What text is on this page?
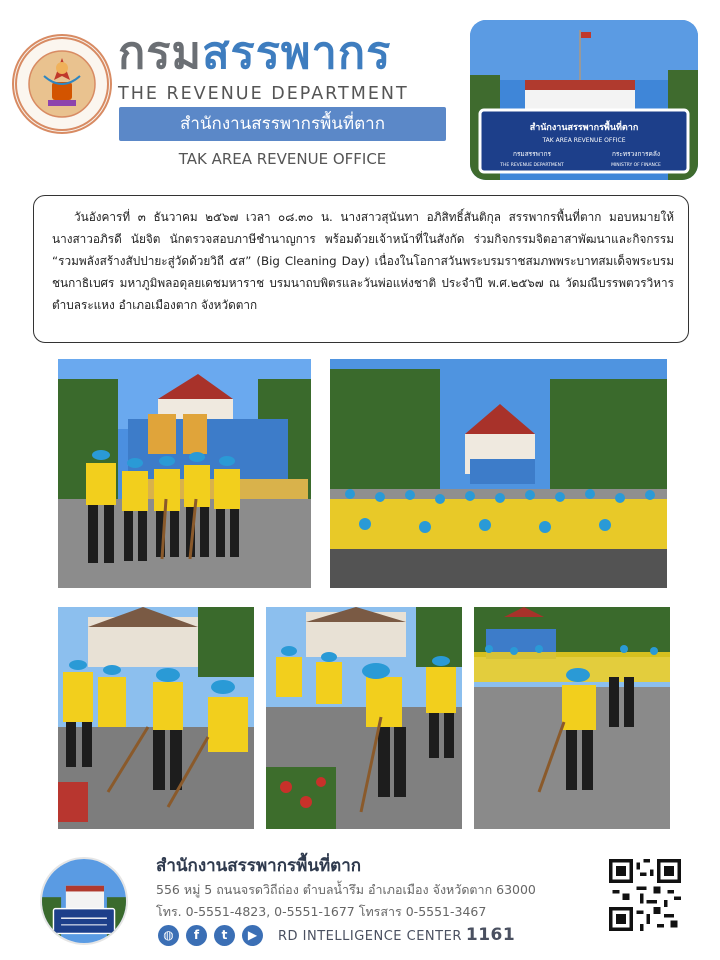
กรมสรรพากร
THE REVENUE DEPARTMENT
สำนักงานสรรพากรพื้นที่ตาก
TAK AREA REVENUE OFFICE
สำนักงานสรรพากรพื้นที่ตาก
TAK AREA REVENUE OFFICE
กรมสรรพากร	กระทรวงการคลัง
THE REVENUE DEPARTMENT	MINISTRY OF FINANCE

วันอังคารที่ ๓ ธันวาคม ๒๕๖๗ เวลา ๐๘.๓๐ น. นางสาวสุนันทา อภิสิทธิ์สันติกุล สรรพากรพื้นที่ตาก มอบหมายให้ นางสาวอภิรดี นัยจิต นักตรวจสอบภาษีชำนาญการ พร้อมด้วยเจ้าหน้าที่ในสังกัด ร่วมกิจกรรมจิตอาสาพัฒนาและกิจกรรม “รวมพลังสร้างสัปปายะสู่วัดด้วยวิถี ๕ส” (Big Cleaning Day) เนื่องในโอกาสวันพระบรมราชสมภพพระบาทสมเด็จพระบรมชนกาธิเบศร มหาภูมิพลอดุลยเดชมหาราช บรมนาถบพิตรและวันพ่อแห่งชาติ ประจำปี พ.ศ.๒๕๖๗ ณ วัดมณีบรรพตวรวิหาร ตำบลระแหง อำเภอเมืองตาก จังหวัดตาก

สำนักงานสรรพากรพื้นที่ตาก
556 หมู่ 5 ถนนจรดวิถีถ่อง ตำบลน้ำรึม อำเภอเมือง จังหวัดตาก 63000
โทร. 0-5551-4823, 0-5551-1677 โทรสาร 0-5551-3467
◍	f	t	▶	RD INTELLIGENCE CENTER 1161
